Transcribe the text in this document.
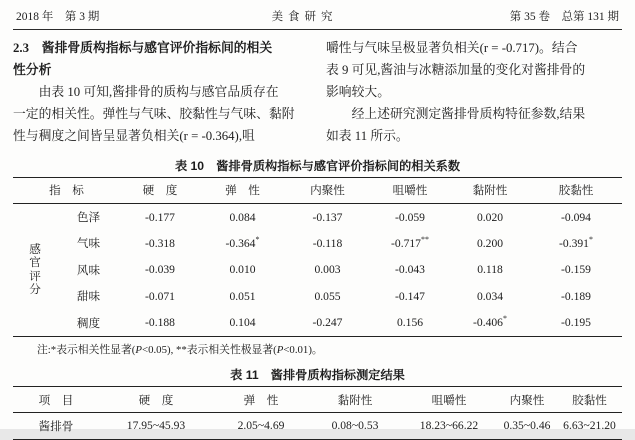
2018 年　第 3 期	美食研究	第 35 卷　总第 131 期
2.3　酱排骨质构指标与感官评价指标间的相关
性分析
　　由表 10 可知,酱排骨的质构与感官品质存在
一定的相关性。弹性与气味、胶黏性与气味、黏附
性与稠度之间皆呈显著负相关(r = -0.364),咀
嚼性与气味呈极显著负相关(r = -0.717)。结合
表 9 可见,酱油与冰糖添加量的变化对酱排骨的
影响较大。
　　经上述研究测定酱排骨质构特征参数,结果
如表 11 所示。
表 10　酱排骨质构指标与感官评价指标间的相关系数
指　标		硬　度	弹　性	内聚性	咀嚼性	黏附性	胶黏性

感
官
评
分	色泽	-0.177	0.084	-0.137	-0.059	0.020	-0.094
	气味	-0.318	-0.364*	-0.118	-0.717**	0.200	-0.391*
	风味	-0.039	0.010	0.003	-0.043	0.118	-0.159
	甜味	-0.071	0.051	0.055	-0.147	0.034	-0.189
	稠度	-0.188	0.104	-0.247	0.156	-0.406*	-0.195
注:*表示相关性显著(P<0.05), **表示相关性极显著(P<0.01)。
表 11　酱排骨质构指标测定结果
项　目	硬　度	弹　性	黏附性	咀嚼性	内聚性	胶黏性
酱排骨	17.95~45.93	2.05~4.69	0.08~0.53	18.23~66.22	0.35~0.46	6.63~21.20
